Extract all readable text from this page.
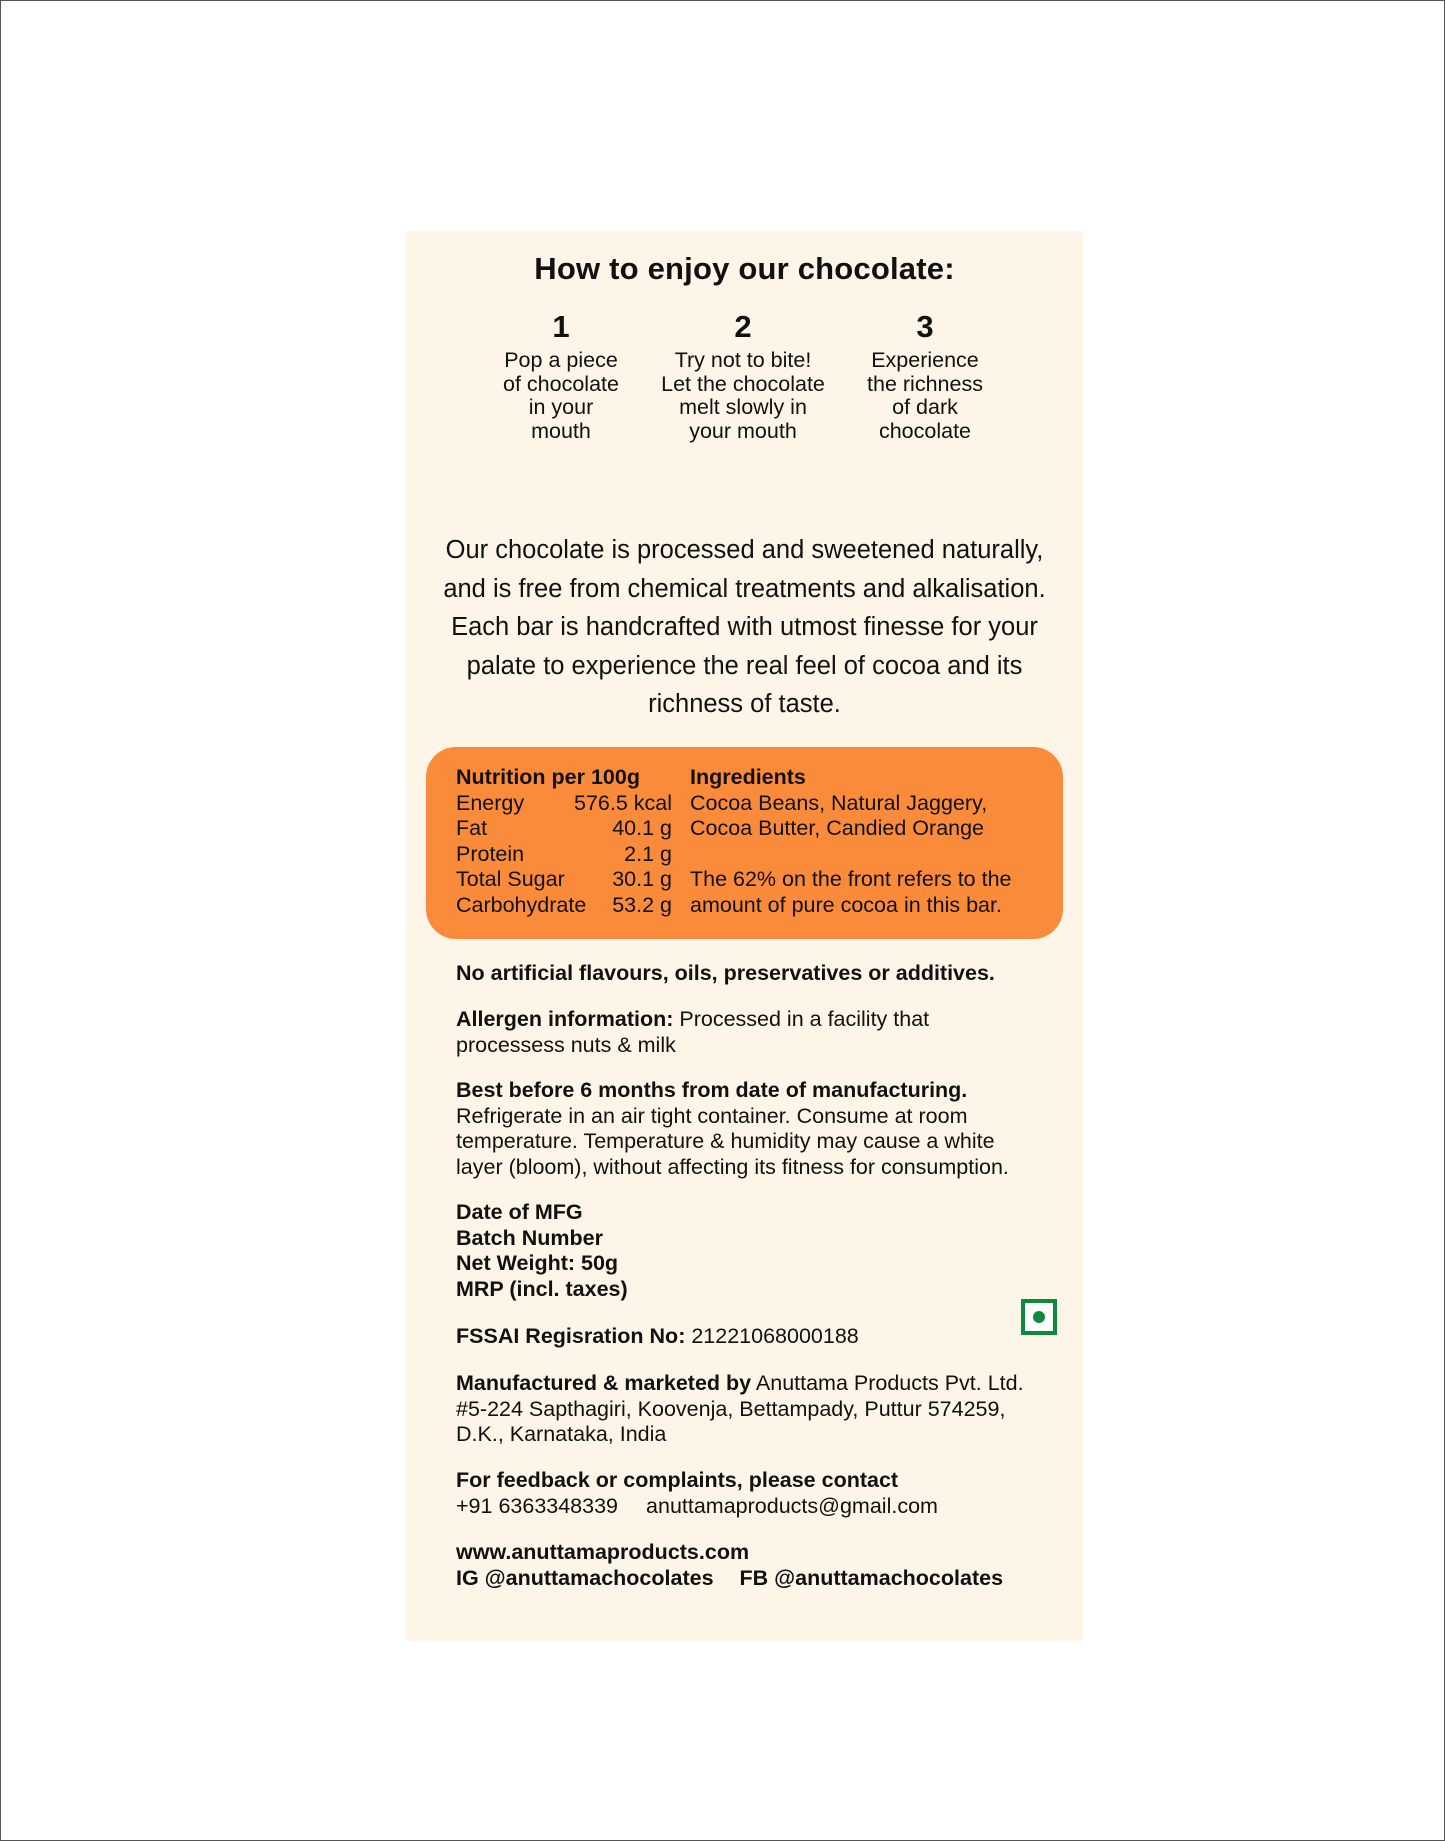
How to enjoy our chocolate:
1
Pop a piece
of chocolate
in your
mouth
2
Try not to bite!
Let the chocolate
melt slowly in
your mouth
3
Experience
the richness
of dark
chocolate
Our chocolate is processed and sweetened naturally, and is free from chemical treatments and alkalisation. Each bar is handcrafted with utmost finesse for your palate to experience the real feel of cocoa and its richness of taste.
Nutrition per 100g
Energy 576.5 kcal
Fat	40.1 g
Protein	2.1 g
Total Sugar 30.1 g
Carbohydrate 53.2 g
Ingredients
Cocoa Beans, Natural Jaggery,
Cocoa Butter, Candied Orange
The 62% on the front refers to the
amount of pure cocoa in this bar.
No artificial flavours, oils, preservatives or additives.
Allergen information: Processed in a facility that
processess nuts & milk
Best before 6 months from date of manufacturing.
Refrigerate in an air tight container. Consume at room
temperature. Temperature & humidity may cause a white
layer (bloom), without affecting its fitness for consumption.
Date of MFG
Batch Number
Net Weight: 50g
MRP (incl. taxes)
FSSAI Regisration No: 21221068000188
Manufactured & marketed by Anuttama Products Pvt. Ltd.
#5-224 Sapthagiri, Koovenja, Bettampady, Puttur 574259,
D.K., Karnataka, India
For feedback or complaints, please contact
+91 6363348339 anuttamaproducts@gmail.com
www.anuttamaproducts.com
IG @anuttamachocolates FB @anuttamachocolates
